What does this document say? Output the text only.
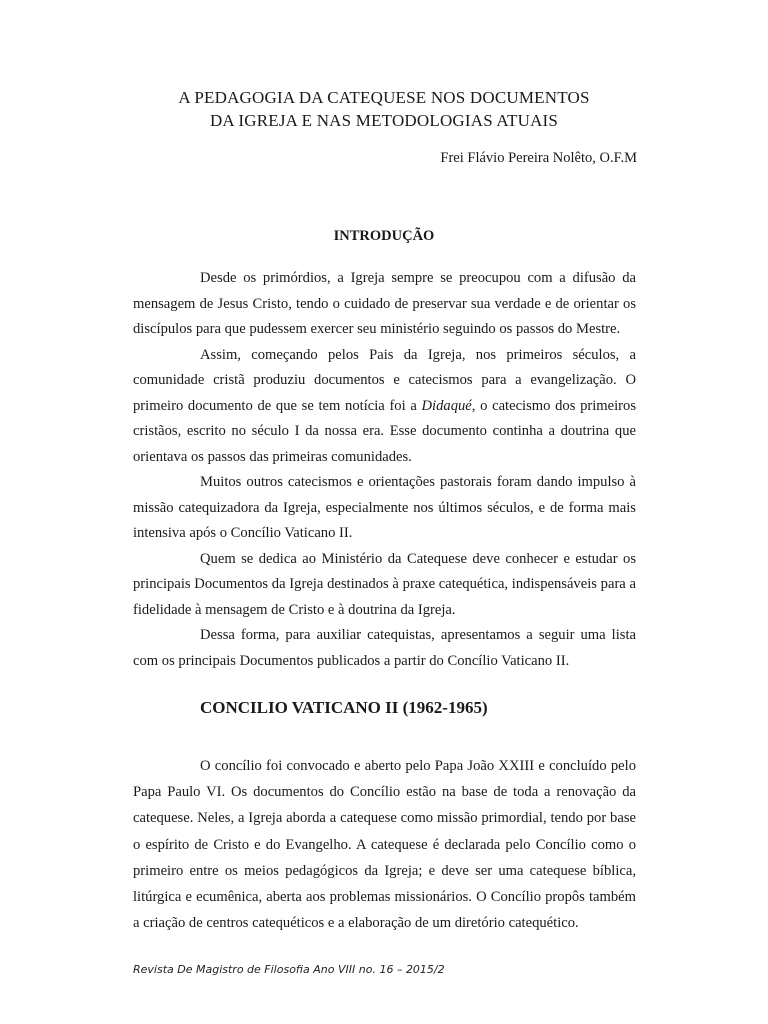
A PEDAGOGIA DA CATEQUESE NOS DOCUMENTOS
DA IGREJA E NAS METODOLOGIAS ATUAIS
Frei Flávio Pereira Nolêto, O.F.M
INTRODUÇÃO

Desde os primórdios, a Igreja sempre se preocupou com a difusão da mensagem de Jesus Cristo, tendo o cuidado de preservar sua verdade e de orientar os discípulos para que pudessem exercer seu ministério seguindo os passos do Mestre.

Assim, começando pelos Pais da Igreja, nos primeiros séculos, a comunidade cristã produziu documentos e catecismos para a evangelização. O primeiro documento de que se tem notícia foi a Didaqué, o catecismo dos primeiros cristãos, escrito no século I da nossa era. Esse documento continha a doutrina que orientava os passos das primeiras comunidades.

Muitos outros catecismos e orientações pastorais foram dando impulso à missão catequizadora da Igreja, especialmente nos últimos séculos, e de forma mais intensiva após o Concílio Vaticano II.

Quem se dedica ao Ministério da Catequese deve conhecer e estudar os principais Documentos da Igreja destinados à praxe catequética, indispensáveis para a fidelidade à mensagem de Cristo e à doutrina da Igreja.

Dessa forma, para auxiliar catequistas, apresentamos a seguir uma lista com os principais Documentos publicados a partir do Concílio Vaticano II.

CONCILIO VATICANO II (1962-1965)

O concílio foi convocado e aberto pelo Papa João XXIII e concluído pelo Papa Paulo VI. Os documentos do Concílio estão na base de toda a renovação da catequese. Neles, a Igreja aborda a catequese como missão primordial, tendo por base o espírito de Cristo e do Evangelho. A catequese é declarada pelo Concílio como o primeiro entre os meios pedagógicos da Igreja; e deve ser uma catequese bíblica, litúrgica e ecumênica, aberta aos problemas missionários. O Concílio propôs também a criação de centros catequéticos e a elaboração de um diretório catequético.

Revista De Magistro de Filosofia Ano VIII no. 16 – 2015/2
